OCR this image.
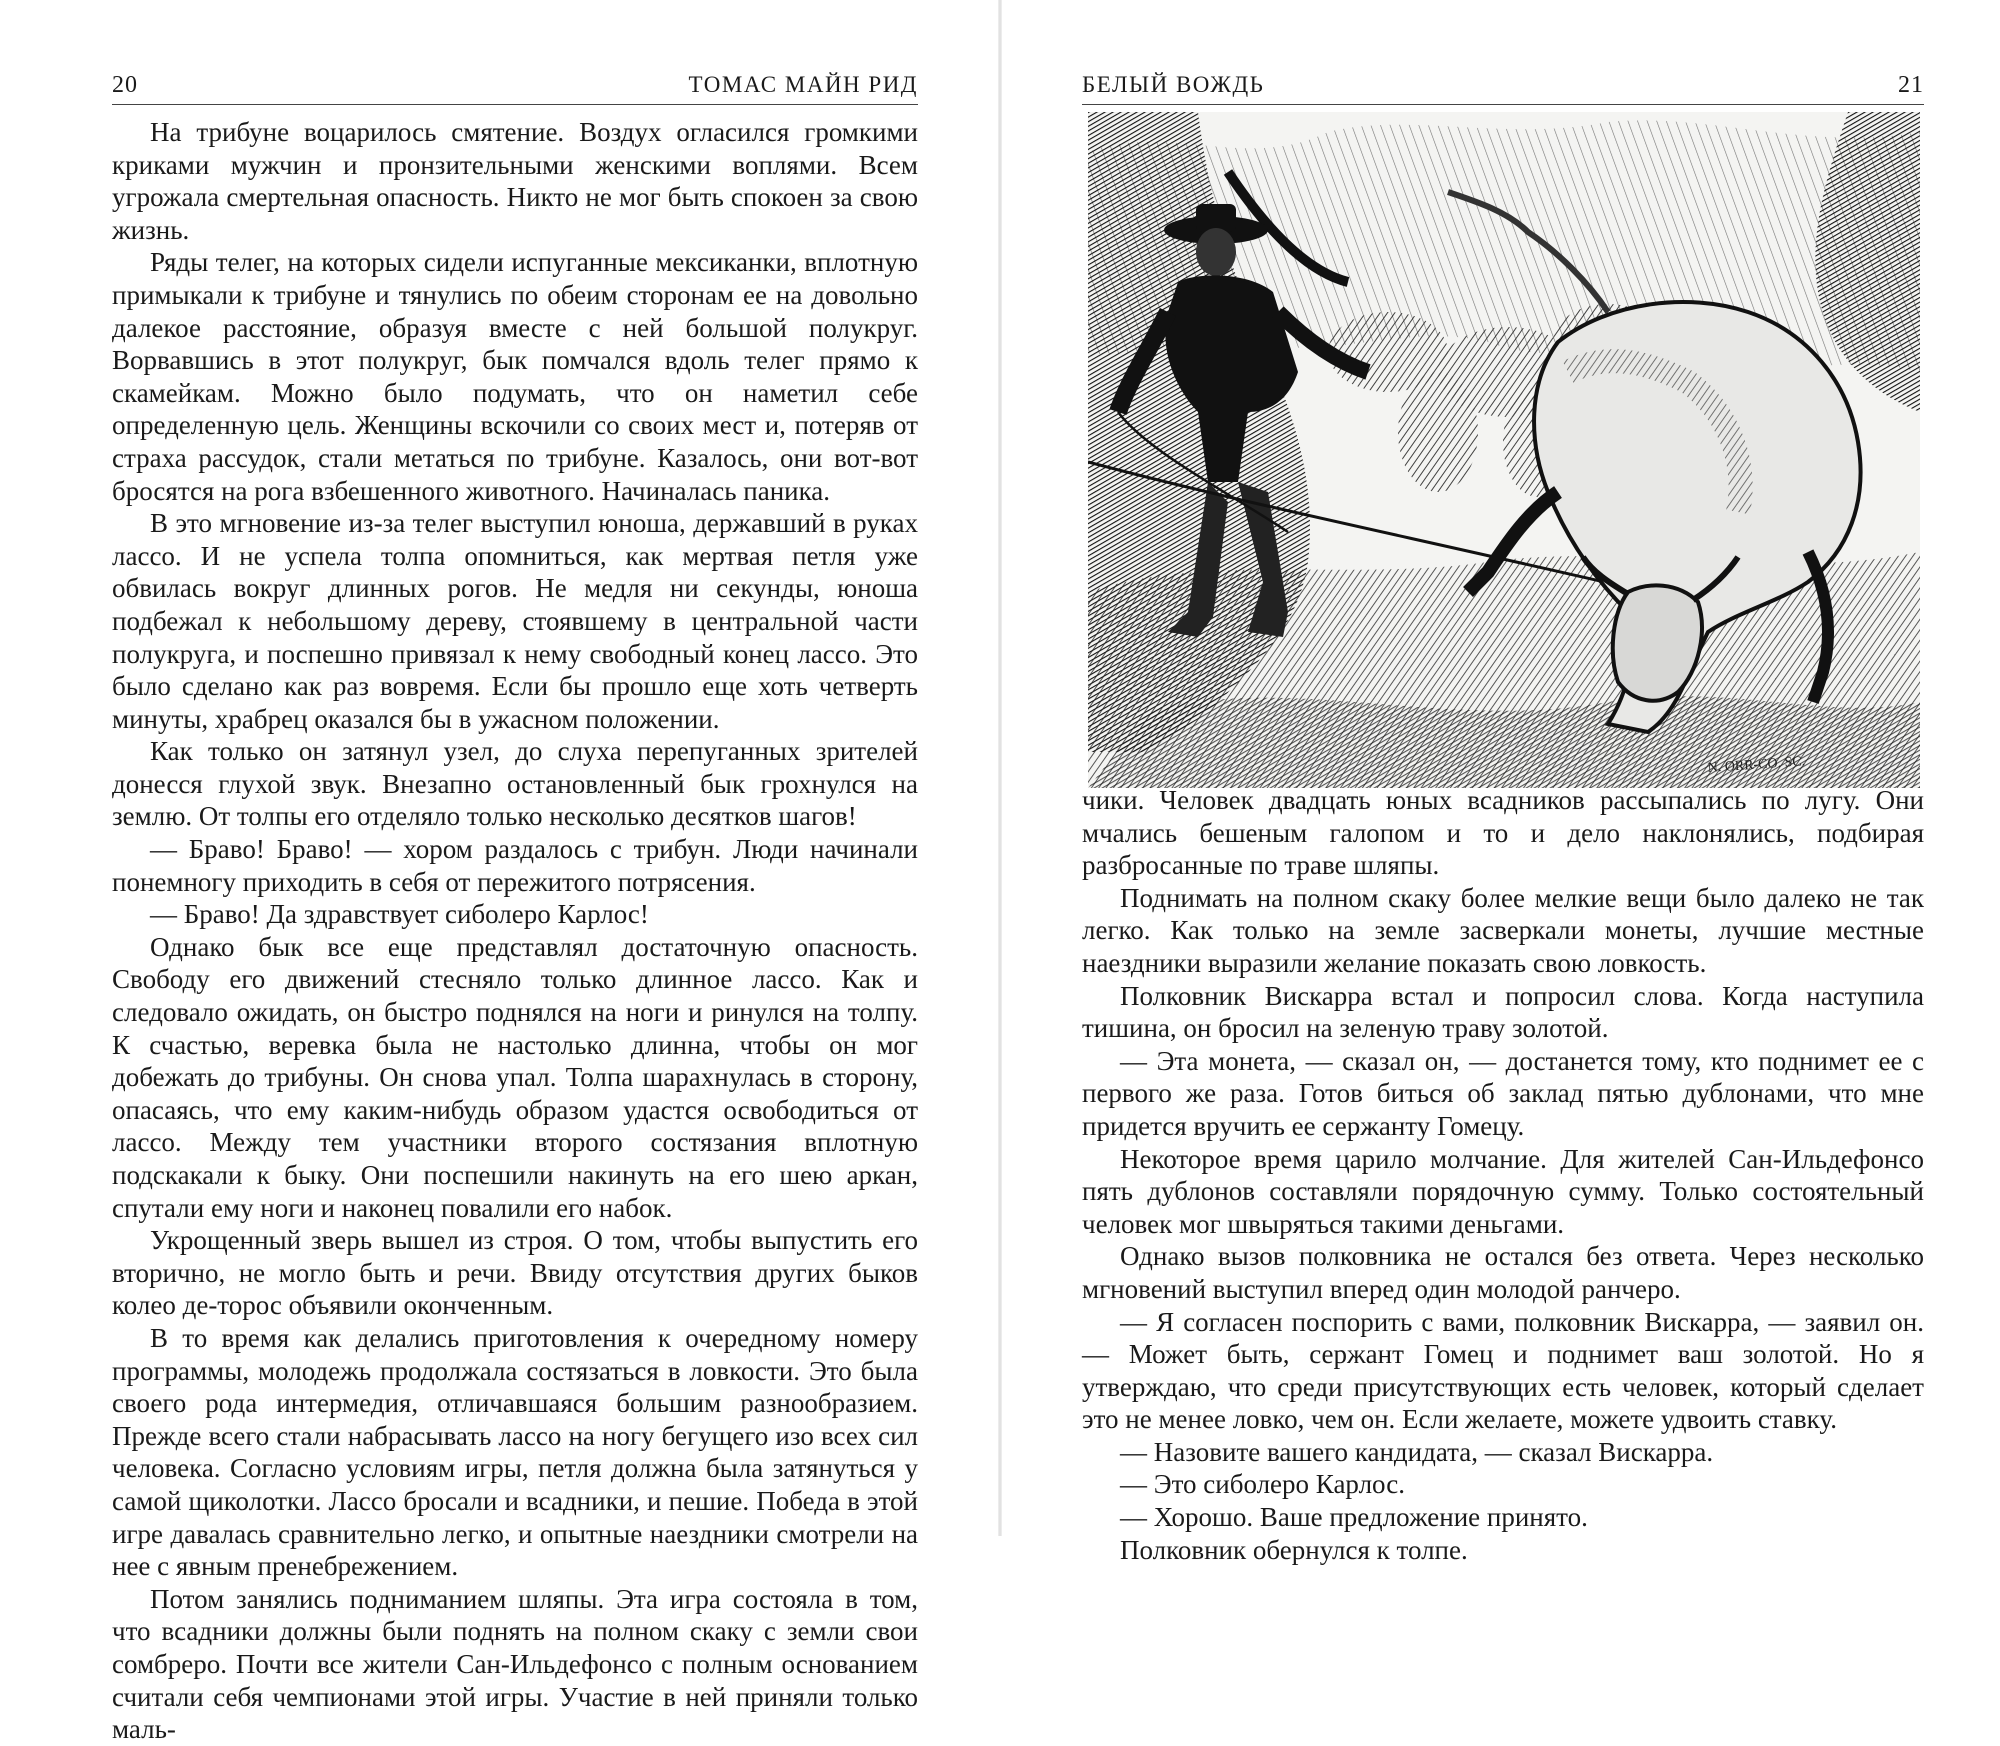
20	ТОМАС МАЙН РИД

На трибуне воцарилось смятение. Воздух огласился громкими криками мужчин и пронзительными женскими воплями. Всем угрожала смертельная опасность. Никто не мог быть спокоен за свою жизнь.

Ряды телег, на которых сидели испуганные мексиканки, вплотную примыкали к трибуне и тянулись по обеим сторонам ее на довольно далекое расстояние, образуя вместе с ней большой полукруг. Ворвавшись в этот полукруг, бык помчался вдоль телег прямо к скамейкам. Можно было подумать, что он наметил себе определенную цель. Женщины вскочили со своих мест и, потеряв от страха рассудок, стали метаться по трибуне. Казалось, они вот-вот бросятся на рога взбешенного животного. Начиналась паника.

В это мгновение из-за телег выступил юноша, державший в руках лассо. И не успела толпа опомниться, как мертвая петля уже обвилась вокруг длинных рогов. Не медля ни секунды, юноша подбежал к небольшому дереву, стоявшему в центральной части полукруга, и поспешно привязал к нему свободный конец лассо. Это было сделано как раз вовремя. Если бы прошло еще хоть четверть минуты, храбрец оказался бы в ужасном положении.

Как только он затянул узел, до слуха перепуганных зрителей донесся глухой звук. Внезапно остановленный бык грохнулся на землю. От толпы его отделяло только несколько десятков шагов!

— Браво! Браво! — хором раздалось с трибун. Люди начинали понемногу приходить в себя от пережитого потрясения.

— Браво! Да здравствует сиболеро Карлос!

Однако бык все еще представлял достаточную опасность. Свободу его движений стесняло только длинное лассо. Как и следовало ожидать, он быстро поднялся на ноги и ринулся на толпу. К счастью, веревка была не настолько длинна, чтобы он мог добежать до трибуны. Он снова упал. Толпа шарахнулась в сторону, опасаясь, что ему каким-нибудь образом удастся освободиться от лассо. Между тем участники второго состязания вплотную подскакали к быку. Они поспешили накинуть на его шею аркан, спутали ему ноги и наконец повалили его набок.

Укрощенный зверь вышел из строя. О том, чтобы выпустить его вторично, не могло быть и речи. Ввиду отсутствия других быков колео де-торос объявили оконченным.

В то время как делались приготовления к очередному номеру программы, молодежь продолжала состязаться в ловкости. Это была своего рода интермедия, отличавшаяся большим разнообразием. Прежде всего стали набрасывать лассо на ногу бегущего изо всех сил человека. Согласно условиям игры, петля должна была затянуться у самой щиколотки. Лассо бросали и всадники, и пешие. Победа в этой игре давалась сравнительно легко, и опытные наездники смотрели на нее с явным пренебрежением.

Потом занялись подниманием шляпы. Эта игра состояла в том, что всадники должны были поднять на полном скаку с земли свои сомбреро. Почти все жители Сан-Ильдефонсо с полным основанием считали себя чемпионами этой игры. Участие в ней приняли только маль-

БЕЛЫЙ ВОЖДЬ	21
N. ORR-CO. SC.

чики. Человек двадцать юных всадников рассыпались по лугу. Они мчались бешеным галопом и то и дело наклонялись, подбирая разбросанные по траве шляпы.

Поднимать на полном скаку более мелкие вещи было далеко не так легко. Как только на земле засверкали монеты, лучшие местные наездники выразили желание показать свою ловкость.

Полковник Вискарра встал и попросил слова. Когда наступила тишина, он бросил на зеленую траву золотой.

— Эта монета, — сказал он, — достанется тому, кто поднимет ее с первого же раза. Готов биться об заклад пятью дублонами, что мне придется вручить ее сержанту Гомецу.

Некоторое время царило молчание. Для жителей Сан-Ильдефонсо пять дублонов составляли порядочную сумму. Только состоятельный человек мог швыряться такими деньгами.

Однако вызов полковника не остался без ответа. Через несколько мгновений выступил вперед один молодой ранчеро.

— Я согласен поспорить с вами, полковник Вискарра, — заявил он. — Может быть, сержант Гомец и поднимет ваш золотой. Но я утверждаю, что среди присутствующих есть человек, который сделает это не менее ловко, чем он. Если желаете, можете удвоить ставку.

— Назовите вашего кандидата, — сказал Вискарра.

— Это сиболеро Карлос.

— Хорошо. Ваше предложение принято.

Полковник обернулся к толпе.
